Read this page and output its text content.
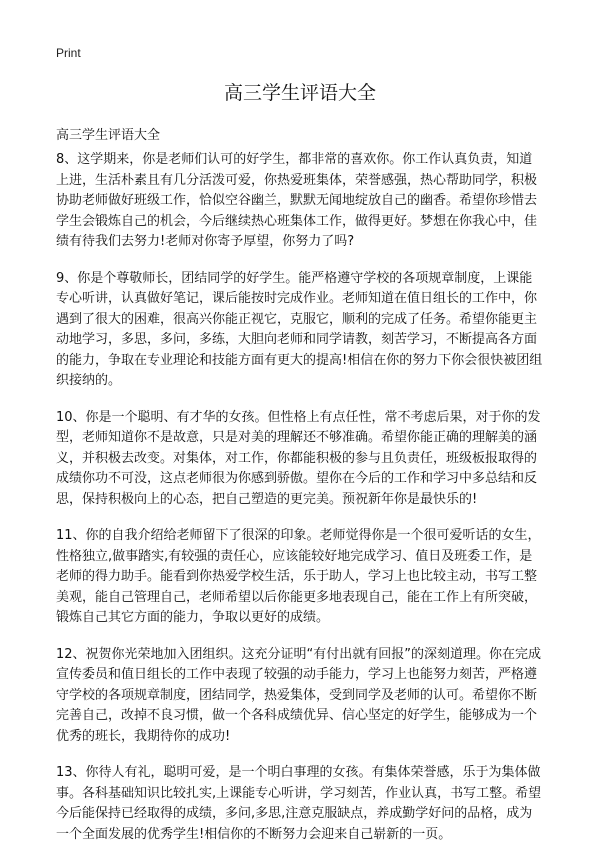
Print
高三学生评语大全
高三学生评语大全

8、这学期来，你是老师们认可的好学生，都非常的喜欢你。你工作认真负责，知道上进，生活朴素且有几分活泼可爱，你热爱班集体，荣誉感强，热心帮助同学，积极协助老师做好班级工作，恰似空谷幽兰，默默无闻地绽放自己的幽香。希望你珍惜去学生会锻炼自己的机会，今后继续热心班集体工作，做得更好。梦想在你我心中，佳绩有待我们去努力!老师对你寄予厚望，你努力了吗?

9、你是个尊敬师长，团结同学的好学生。能严格遵守学校的各项规章制度，上课能专心听讲，认真做好笔记，课后能按时完成作业。老师知道在值日组长的工作中，你遇到了很大的困难，很高兴你能正视它，克服它，顺利的完成了任务。希望你能更主动地学习，多思，多问，多练，大胆向老师和同学请教，刻苦学习，不断提高各方面的能力，争取在专业理论和技能方面有更大的提高!相信在你的努力下你会很快被团组织接纳的。

10、你是一个聪明、有才华的女孩。但性格上有点任性，常不考虑后果，对于你的发型，老师知道你不是故意，只是对美的理解还不够准确。希望你能正确的理解美的涵义，并积极去改变。对集体，对工作，你都能积极的参与且负责任，班级板报取得的成绩你功不可没，这点老师很为你感到骄傲。望你在今后的工作和学习中多总结和反思，保持积极向上的心态，把自己塑造的更完美。预祝新年你是最快乐的!

11、你的自我介绍给老师留下了很深的印象。老师觉得你是一个很可爱听话的女生，性格独立,做事踏实,有较强的责任心，应该能较好地完成学习、值日及班委工作，是老师的得力助手。能看到你热爱学校生活，乐于助人，学习上也比较主动，书写工整美观，能自己管理自己，老师希望以后你能更多地表现自己，能在工作上有所突破，锻炼自己其它方面的能力，争取以更好的成绩。

12、祝贺你光荣地加入团组织。这充分证明“有付出就有回报”的深刻道理。你在完成宣传委员和值日组长的工作中表现了较强的动手能力，学习上也能努力刻苦，严格遵守学校的各项规章制度，团结同学，热爱集体，受到同学及老师的认可。希望你不断完善自己，改掉不良习惯，做一个各科成绩优异、信心坚定的好学生，能够成为一个优秀的班长，我期待你的成功!

13、你待人有礼，聪明可爱，是一个明白事理的女孩。有集体荣誉感，乐于为集体做事。各科基础知识比较扎实,上课能专心听讲，学习刻苦，作业认真，书写工整。希望今后能保持已经取得的成绩，多问,多思,注意克服缺点，养成勤学好问的品格，成为一个全面发展的优秀学生!相信你的不断努力会迎来自己崭新的一页。
